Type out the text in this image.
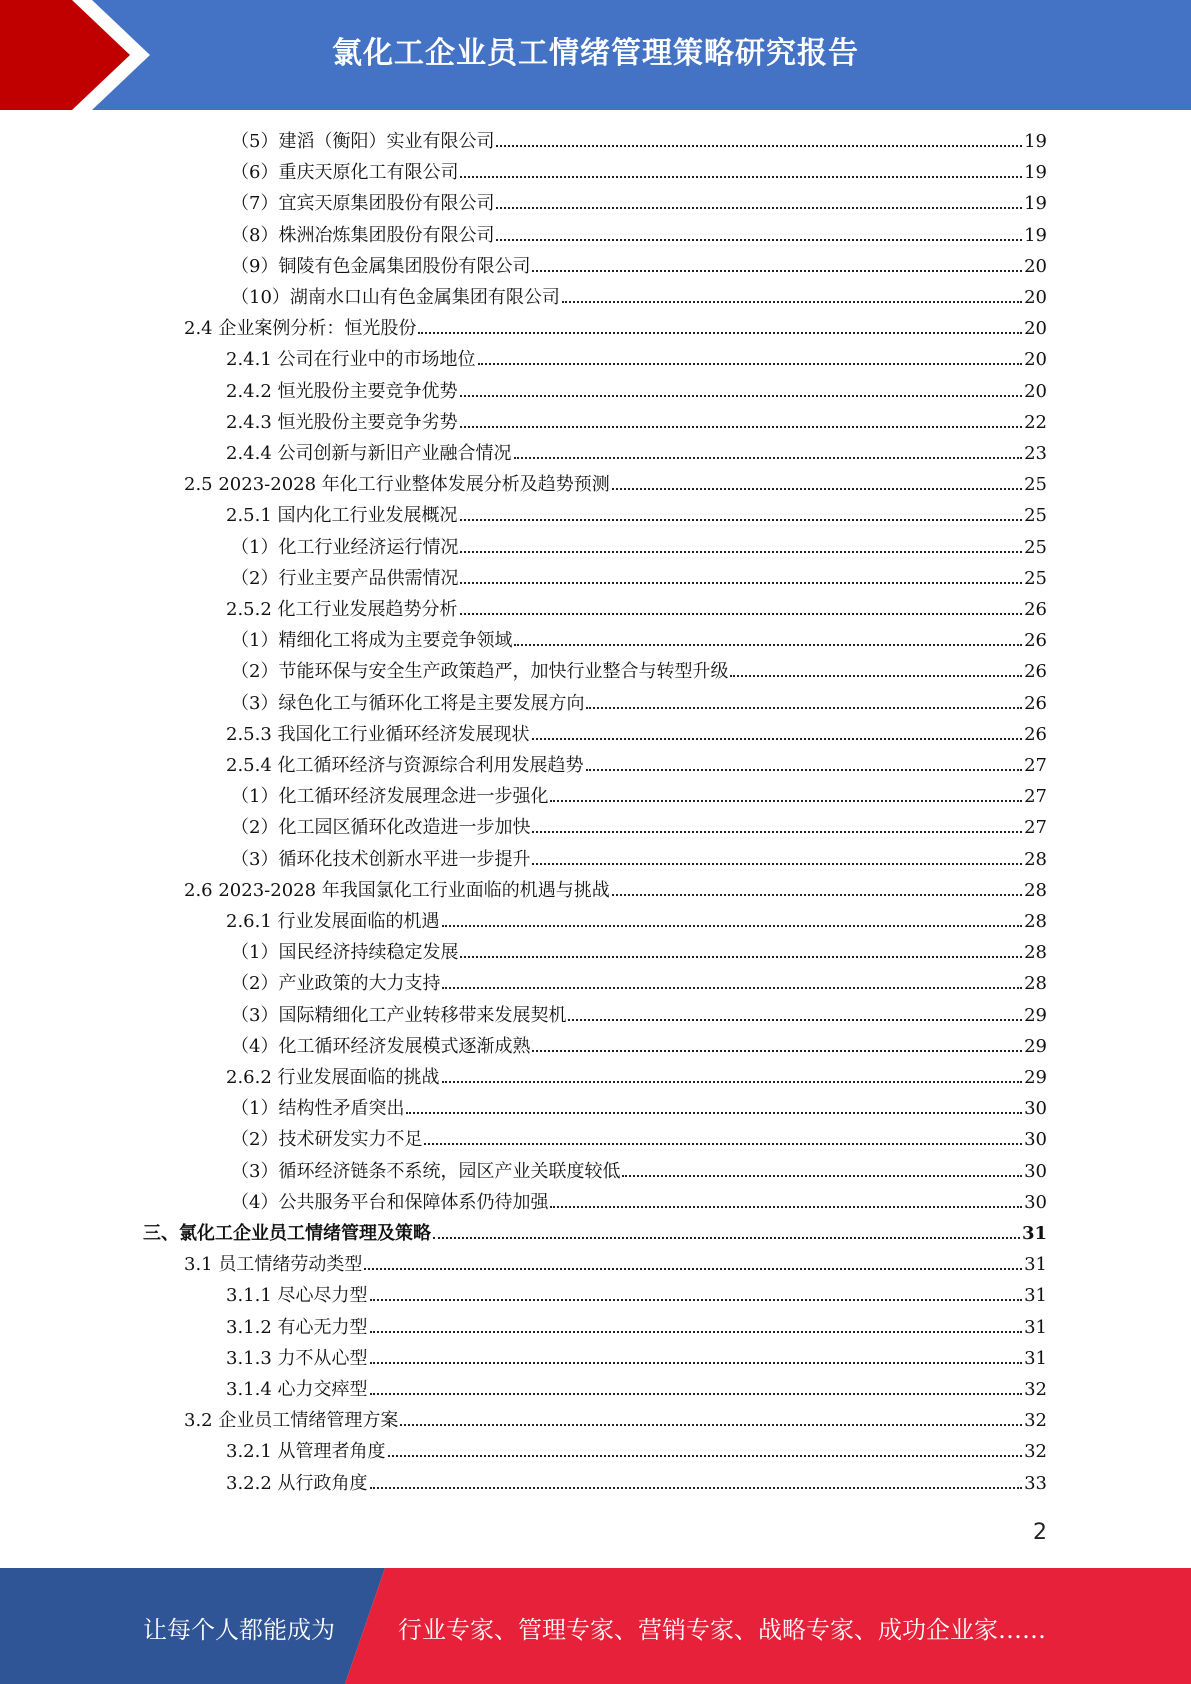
氯化工企业员工情绪管理策略研究报告
（5）建滔（衡阳）实业有限公司	19
（6）重庆天原化工有限公司	19
（7）宜宾天原集团股份有限公司	19
（8）株洲冶炼集团股份有限公司	19
（9）铜陵有色金属集团股份有限公司	20
（10）湖南水口山有色金属集团有限公司	20
2.4 企业案例分析：恒光股份	20
2.4.1 公司在行业中的市场地位	20
2.4.2 恒光股份主要竞争优势	20
2.4.3 恒光股份主要竞争劣势	22
2.4.4 公司创新与新旧产业融合情况	23
2.5 2023-2028 年化工行业整体发展分析及趋势预测	25
2.5.1 国内化工行业发展概况	25
（1）化工行业经济运行情况	25
（2）行业主要产品供需情况	25
2.5.2 化工行业发展趋势分析	26
（1）精细化工将成为主要竞争领域	26
（2）节能环保与安全生产政策趋严，加快行业整合与转型升级	26
（3）绿色化工与循环化工将是主要发展方向	26
2.5.3 我国化工行业循环经济发展现状	26
2.5.4 化工循环经济与资源综合利用发展趋势	27
（1）化工循环经济发展理念进一步强化	27
（2）化工园区循环化改造进一步加快	27
（3）循环化技术创新水平进一步提升	28
2.6 2023-2028 年我国氯化工行业面临的机遇与挑战	28
2.6.1 行业发展面临的机遇	28
（1）国民经济持续稳定发展	28
（2）产业政策的大力支持	28
（3）国际精细化工产业转移带来发展契机	29
（4）化工循环经济发展模式逐渐成熟	29
2.6.2 行业发展面临的挑战	29
（1）结构性矛盾突出	30
（2）技术研发实力不足	30
（3）循环经济链条不系统，园区产业关联度较低	30
（4）公共服务平台和保障体系仍待加强	30
三、氯化工企业员工情绪管理及策略	31
3.1 员工情绪劳动类型	31
3.1.1 尽心尽力型	31
3.1.2 有心无力型	31
3.1.3 力不从心型	31
3.1.4 心力交瘁型	32
3.2 企业员工情绪管理方案	32
3.2.1 从管理者角度	32
3.2.2 从行政角度	33
2
让每个人都能成为	行业专家、管理专家、营销专家、战略专家、成功企业家……
